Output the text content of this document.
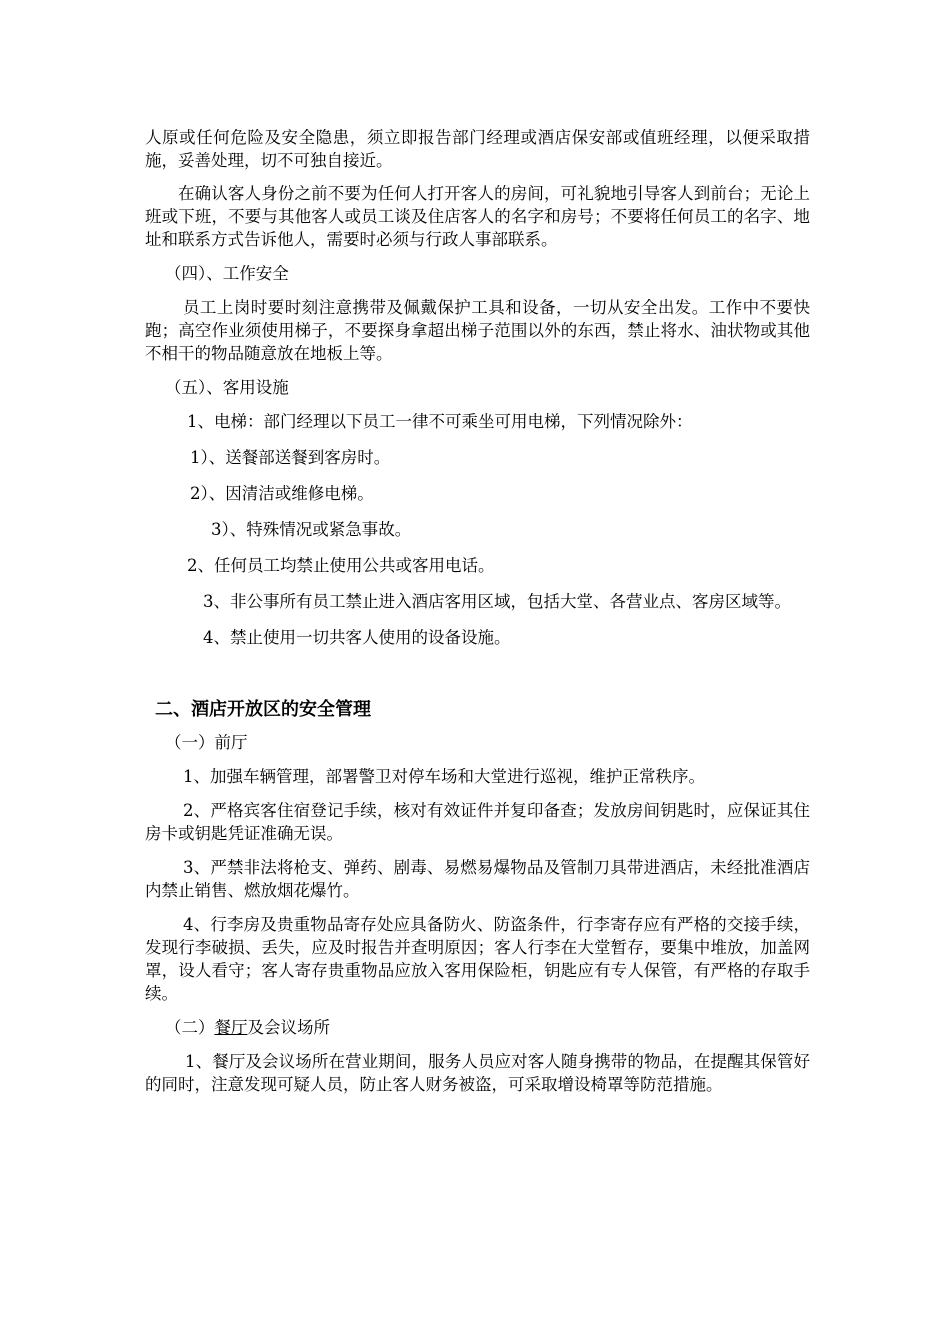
人原或任何危险及安全隐患，须立即报告部门经理或酒店保安部或值班经理，以便采取措施，妥善处理，切不可独自接近。

在确认客人身份之前不要为任何人打开客人的房间，可礼貌地引导客人到前台；无论上班或下班，不要与其他客人或员工谈及住店客人的名字和房号；不要将任何员工的名字、地址和联系方式告诉他人，需要时必须与行政人事部联系。

（四）、工作安全

员工上岗时要时刻注意携带及佩戴保护工具和设备，一切从安全出发。工作中不要快跑；高空作业须使用梯子，不要探身拿超出梯子范围以外的东西，禁止将水、油状物或其他不相干的物品随意放在地板上等。

（五）、客用设施

1、电梯：部门经理以下员工一律不可乘坐可用电梯，下列情况除外：

1）、送餐部送餐到客房时。

2）、因清洁或维修电梯。

3）、特殊情况或紧急事故。

2、任何员工均禁止使用公共或客用电话。

3、非公事所有员工禁止进入酒店客用区域，包括大堂、各营业点、客房区域等。

4、禁止使用一切共客人使用的设备设施。

二、酒店开放区的安全管理

（一）前厅

1、加强车辆管理，部署警卫对停车场和大堂进行巡视，维护正常秩序。

2、严格宾客住宿登记手续，核对有效证件并复印备查；发放房间钥匙时，应保证其住房卡或钥匙凭证准确无误。

3、严禁非法将枪支、弹药、剧毒、易燃易爆物品及管制刀具带进酒店，未经批准酒店内禁止销售、燃放烟花爆竹。

4、行李房及贵重物品寄存处应具备防火、防盗条件，行李寄存应有严格的交接手续，发现行李破损、丢失，应及时报告并查明原因；客人行李在大堂暂存，要集中堆放，加盖网罩，设人看守；客人寄存贵重物品应放入客用保险柜，钥匙应有专人保管，有严格的存取手续。

（二）餐厅及会议场所

1、餐厅及会议场所在营业期间，服务人员应对客人随身携带的物品，在提醒其保管好的同时，注意发现可疑人员，防止客人财务被盗，可采取增设椅罩等防范措施。
